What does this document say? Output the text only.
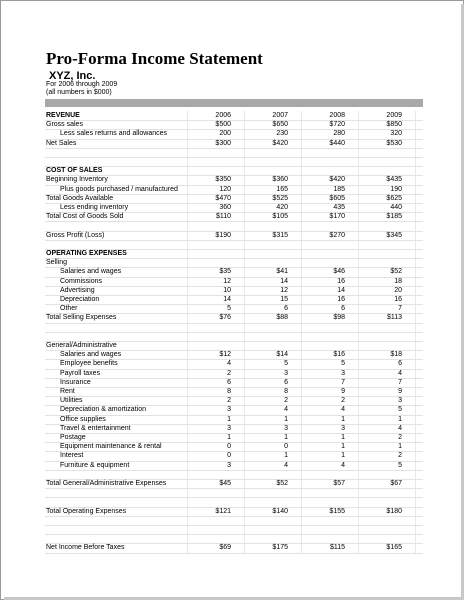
Pro-Forma Income Statement
XYZ, Inc.
For 2006 through 2009
(all numbers in $000)
REVENUE	2006	2007	2008	2009
Gross sales	$500	$650	$720	$850
Less sales returns and allowances	200	230	280	320
Net Sales	$300	$420	$440	$530
COST OF SALES
Beginning Inventory	$350	$360	$420	$435
Plus goods purchased / manufactured	120	165	185	190
Total Goods Available	$470	$525	$605	$625
Less ending inventory	360	420	435	440
Total Cost of Goods Sold	$110	$105	$170	$185
Gross Profit (Loss)	$190	$315	$270	$345
OPERATING EXPENSES
Selling
Salaries and wages	$35	$41	$46	$52
Commissions	12	14	16	18
Advertising	10	12	14	20
Depreciation	14	15	16	16
Other	5	6	6	7
Total Selling Expenses	$76	$88	$98	$113
General/Administrative
Salaries and wages	$12	$14	$16	$18
Employee benefits	4	5	5	6
Payroll taxes	2	3	3	4
Insurance	6	6	7	7
Rent	8	8	9	9
Utilities	2	2	2	3
Depreciation & amortization	3	4	4	5
Office supplies	1	1	1	1
Travel & entertainment	3	3	3	4
Postage	1	1	1	2
Equipment maintenance & rental	0	0	1	1
Interest	0	1	1	2
Furniture & equipment	3	4	4	5
Total General/Administrative Expenses	$45	$52	$57	$67
Total Operating Expenses	$121	$140	$155	$180
Net Income Before Taxes	$69	$175	$115	$165
